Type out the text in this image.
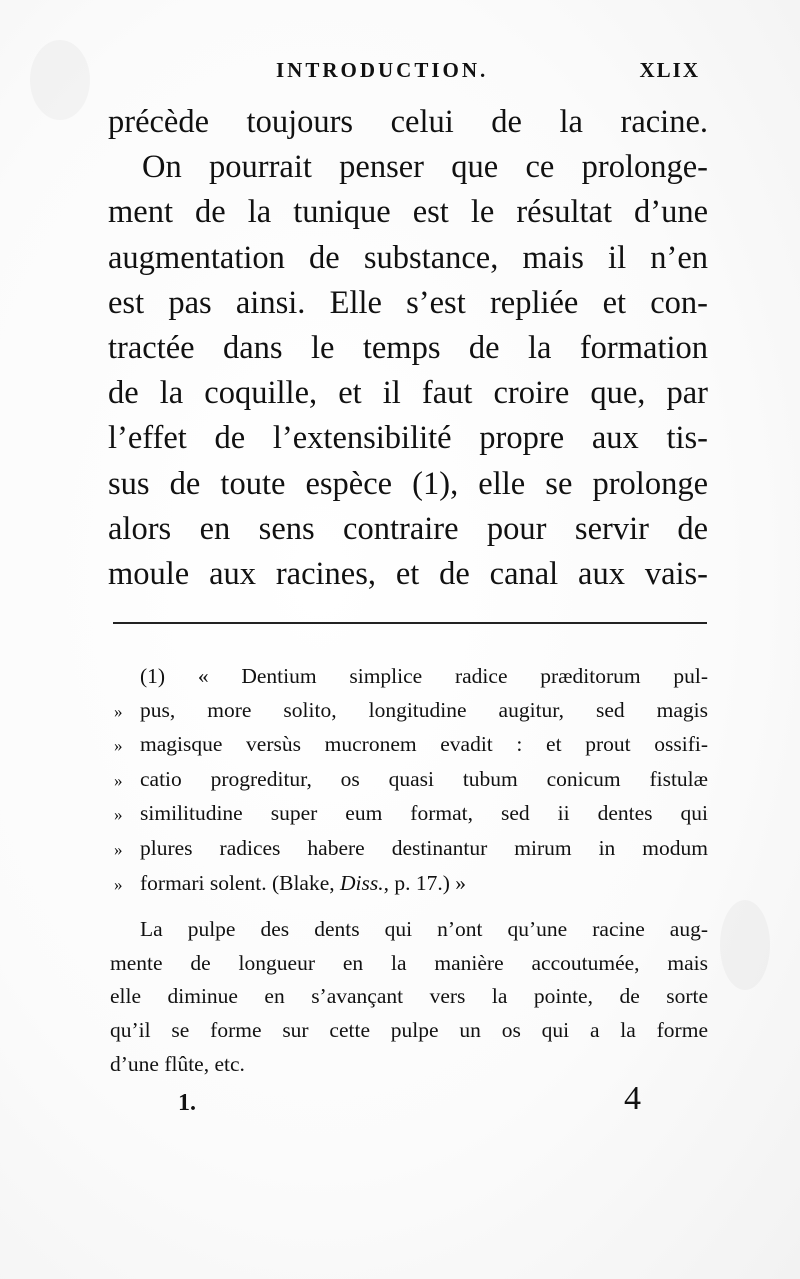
INTRODUCTION.	XLIX
précède toujours celui de la racine.
On pourrait penser que ce prolonge-
ment de la tunique est le résultat d’une
augmentation de substance, mais il n’en
est pas ainsi. Elle s’est repliée et con-
tractée dans le temps de la formation
de la coquille, et il faut croire que, par
l’effet de l’extensibilité propre aux tis-
sus de toute espèce (1), elle se prolonge
alors en sens contraire pour servir de
moule aux racines, et de canal aux vais-
(1) « Dentium simplice radice præditorum pul-
» pus, more solito, longitudine augitur, sed magis
» magisque versùs mucronem evadit : et prout ossifi-
» catio progreditur, os quasi tubum conicum fistulæ
» similitudine super eum format, sed ii dentes qui
» plures radices habere destinantur mirum in modum
» formari solent. (Blake, Diss., p. 17.) »
La pulpe des dents qui n’ont qu’une racine aug-
mente de longueur en la manière accoutumée, mais
elle diminue en s’avançant vers la pointe, de sorte
qu’il se forme sur cette pulpe un os qui a la forme
d’une flûte, etc.
1.	4
